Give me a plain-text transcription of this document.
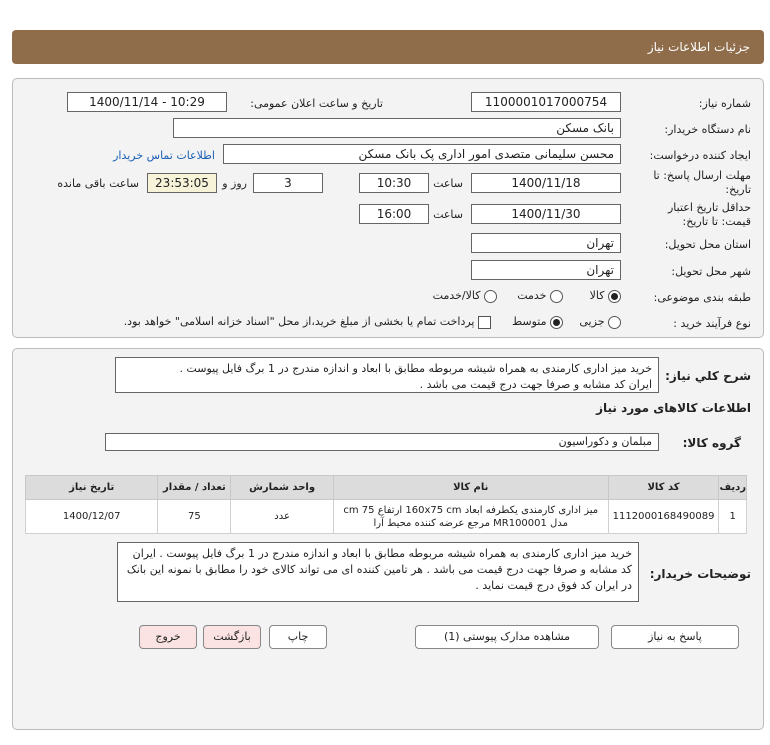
جزئیات اطلاعات نیاز
شماره نیاز:
1100001017000754
تاریخ و ساعت اعلان عمومی:
1400/11/14 - 10:29
نام دستگاه خریدار:
بانک مسکن
ایجاد کننده درخواست:
محسن سلیمانی متصدی امور اداری پک بانک مسکن
اطلاعات تماس خریدار
مهلت ارسال پاسخ: تا
تاریخ:
1400/11/18
ساعت
10:30
3
روز و
23:53:05
ساعت باقی مانده
حداقل تاریخ اعتبار
قیمت: تا تاریخ:
1400/11/30
ساعت
16:00
استان محل تحویل:
تهران
شهر محل تحویل:
تهران
طبقه بندی موضوعی:
کالا
خدمت
کالا/خدمت
نوع فرآیند خرید :
جزیی
متوسط
پرداخت تمام یا بخشی از مبلغ خرید،از محل "اسناد خزانه اسلامی" خواهد بود.
شرح کلي نياز:
خرید میز اداری کارمندی به همراه شیشه مربوطه مطابق با ابعاد و اندازه مندرج در 1 برگ فایل پیوست .
ایران کد مشابه و صرفا جهت درج قیمت می باشد .
اطلاعات کالاهای مورد نیاز
گروه کالا:
مبلمان و دکوراسیون
ردیف	کد کالا	نام کالا	واحد شمارش	تعداد / مقدار	تاریخ نیاز
1	1112000168490089	میز اداری کارمندی یکطرفه ابعاد 160x75 cm ارتفاع 75 cm
مدل MR100001 مرجع عرضه کننده محیط آرا	عدد	75	1400/12/07
توضیحات خریدار:
خرید میز اداری کارمندی به همراه شیشه مربوطه مطابق با ابعاد و اندازه مندرج در 1 برگ فایل پیوست . ایران کد مشابه و صرفا جهت درج قیمت می باشد . هر تامین کننده ای می تواند کالای خود را مطابق با نمونه این بانک در ایران کد فوق درج قیمت نماید .
پاسخ به نیاز
مشاهده مدارک پیوستی (1)
چاپ
بازگشت
خروج
